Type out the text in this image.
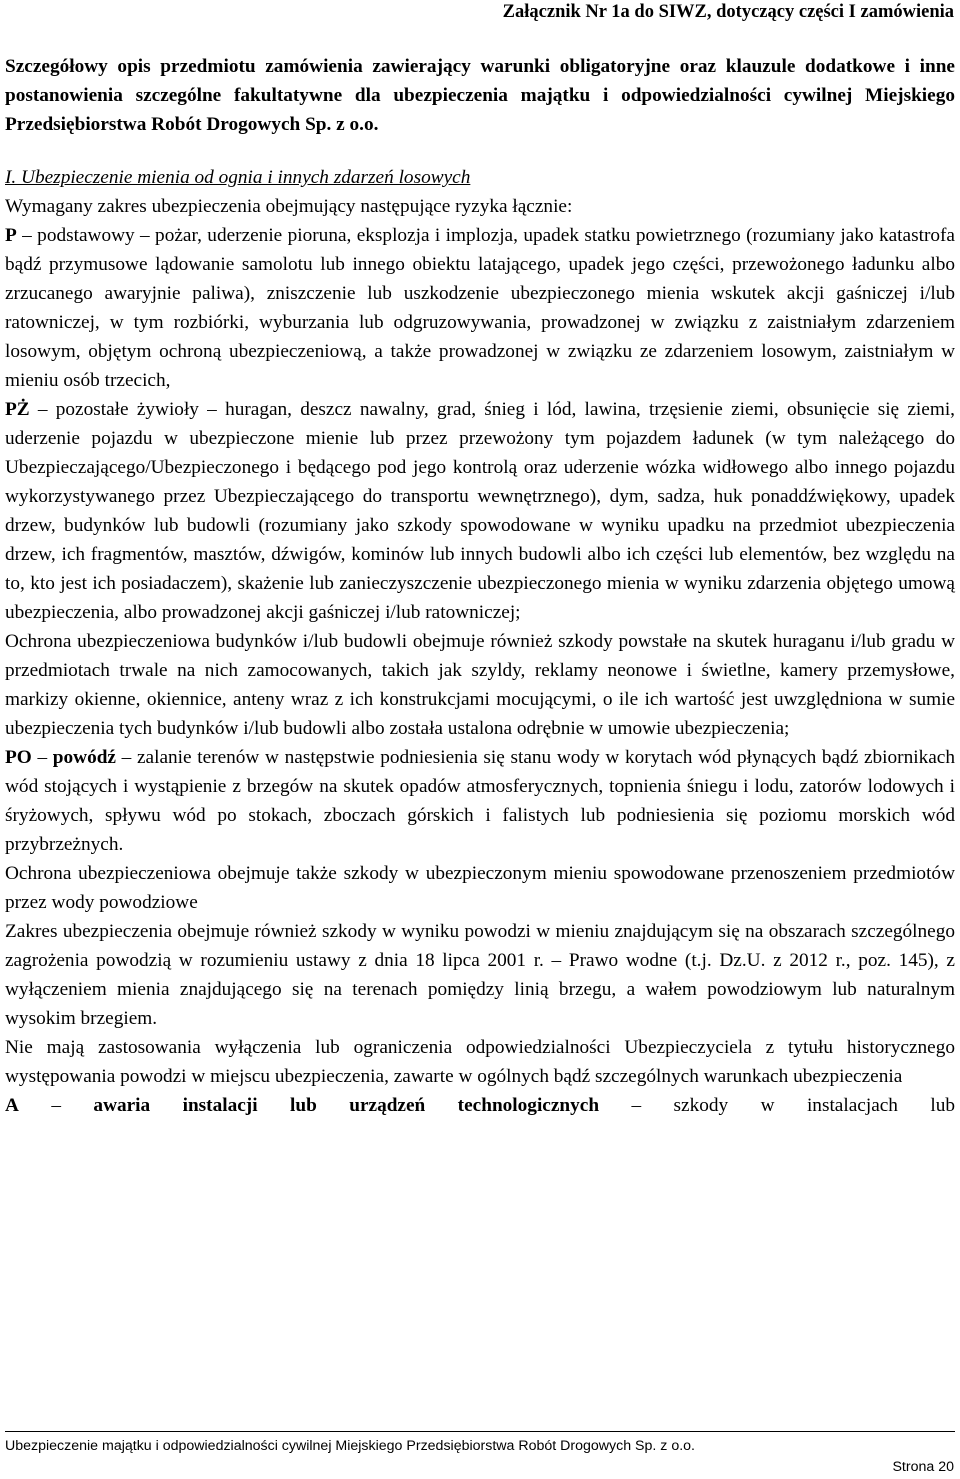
Załącznik Nr 1a do SIWZ, dotyczący części I zamówienia

Szczegółowy opis przedmiotu zamówienia zawierający warunki obligatoryjne oraz klauzule dodatkowe i inne postanowienia szczególne fakultatywne dla ubezpieczenia majątku i odpowiedzialności cywilnej Miejskiego Przedsiębiorstwa Robót Drogowych Sp. z o.o.

I. Ubezpieczenie mienia od ognia i innych zdarzeń losowych

Wymagany zakres ubezpieczenia obejmujący następujące ryzyka łącznie:

P – podstawowy – pożar, uderzenie pioruna, eksplozja i implozja, upadek statku powietrznego (rozumiany jako katastrofa bądź przymusowe lądowanie samolotu lub innego obiektu latającego, upadek jego części, przewożonego ładunku albo zrzucanego awaryjnie paliwa), zniszczenie lub uszkodzenie ubezpieczonego mienia wskutek akcji gaśniczej i/lub ratowniczej, w tym rozbiórki, wyburzania lub odgruzowywania, prowadzonej w związku z zaistniałym zdarzeniem losowym, objętym ochroną ubezpieczeniową, a także prowadzonej w związku ze zdarzeniem losowym, zaistniałym w mieniu osób trzecich,

PŻ – pozostałe żywioły – huragan, deszcz nawalny, grad, śnieg i lód, lawina, trzęsienie ziemi, obsunięcie się ziemi, uderzenie pojazdu w ubezpieczone mienie lub przez przewożony tym pojazdem ładunek (w tym należącego do Ubezpieczającego/Ubezpieczonego i będącego pod jego kontrolą oraz uderzenie wózka widłowego albo innego pojazdu wykorzystywanego przez Ubezpieczającego do transportu wewnętrznego), dym, sadza, huk ponaddźwiękowy, upadek drzew, budynków lub budowli (rozumiany jako szkody spowodowane w wyniku upadku na przedmiot ubezpieczenia drzew, ich fragmentów, masztów, dźwigów, kominów lub innych budowli albo ich części lub elementów, bez względu na to, kto jest ich posiadaczem), skażenie lub zanieczyszczenie ubezpieczonego mienia w wyniku zdarzenia objętego umową ubezpieczenia, albo prowadzonej akcji gaśniczej i/lub ratowniczej;

Ochrona ubezpieczeniowa budynków i/lub budowli obejmuje również szkody powstałe na skutek huraganu i/lub gradu w przedmiotach trwale na nich zamocowanych, takich jak szyldy, reklamy neonowe i świetlne, kamery przemysłowe, markizy okienne, okiennice, anteny wraz z ich konstrukcjami mocującymi, o ile ich wartość jest uwzględniona w sumie ubezpieczenia tych budynków i/lub budowli albo została ustalona odrębnie w umowie ubezpieczenia;

PO – powódź – zalanie terenów w następstwie podniesienia się stanu wody w korytach wód płynących bądź zbiornikach wód stojących i wystąpienie z brzegów na skutek opadów atmosferycznych, topnienia śniegu i lodu, zatorów lodowych i śryżowych, spływu wód po stokach, zboczach górskich i falistych lub podniesienia się poziomu morskich wód przybrzeżnych.

Ochrona ubezpieczeniowa obejmuje także szkody w ubezpieczonym mieniu spowodowane przenoszeniem przedmiotów przez wody powodziowe

Zakres ubezpieczenia obejmuje również szkody w wyniku powodzi w mieniu znajdującym się na obszarach szczególnego zagrożenia powodzią w rozumieniu ustawy z dnia 18 lipca 2001 r. – Prawo wodne (t.j. Dz.U. z 2012 r., poz. 145), z wyłączeniem mienia znajdującego się na terenach pomiędzy linią brzegu, a wałem powodziowym lub naturalnym wysokim brzegiem.

Nie mają zastosowania wyłączenia lub ograniczenia odpowiedzialności Ubezpieczyciela z tytułu historycznego występowania powodzi w miejscu ubezpieczenia, zawarte w ogólnych bądź szczególnych warunkach ubezpieczenia

A – awaria instalacji lub urządzeń technologicznych – szkody w instalacjach lub

Ubezpieczenie majątku i odpowiedzialności cywilnej Miejskiego Przedsiębiorstwa Robót Drogowych Sp. z o.o.
Strona 20
